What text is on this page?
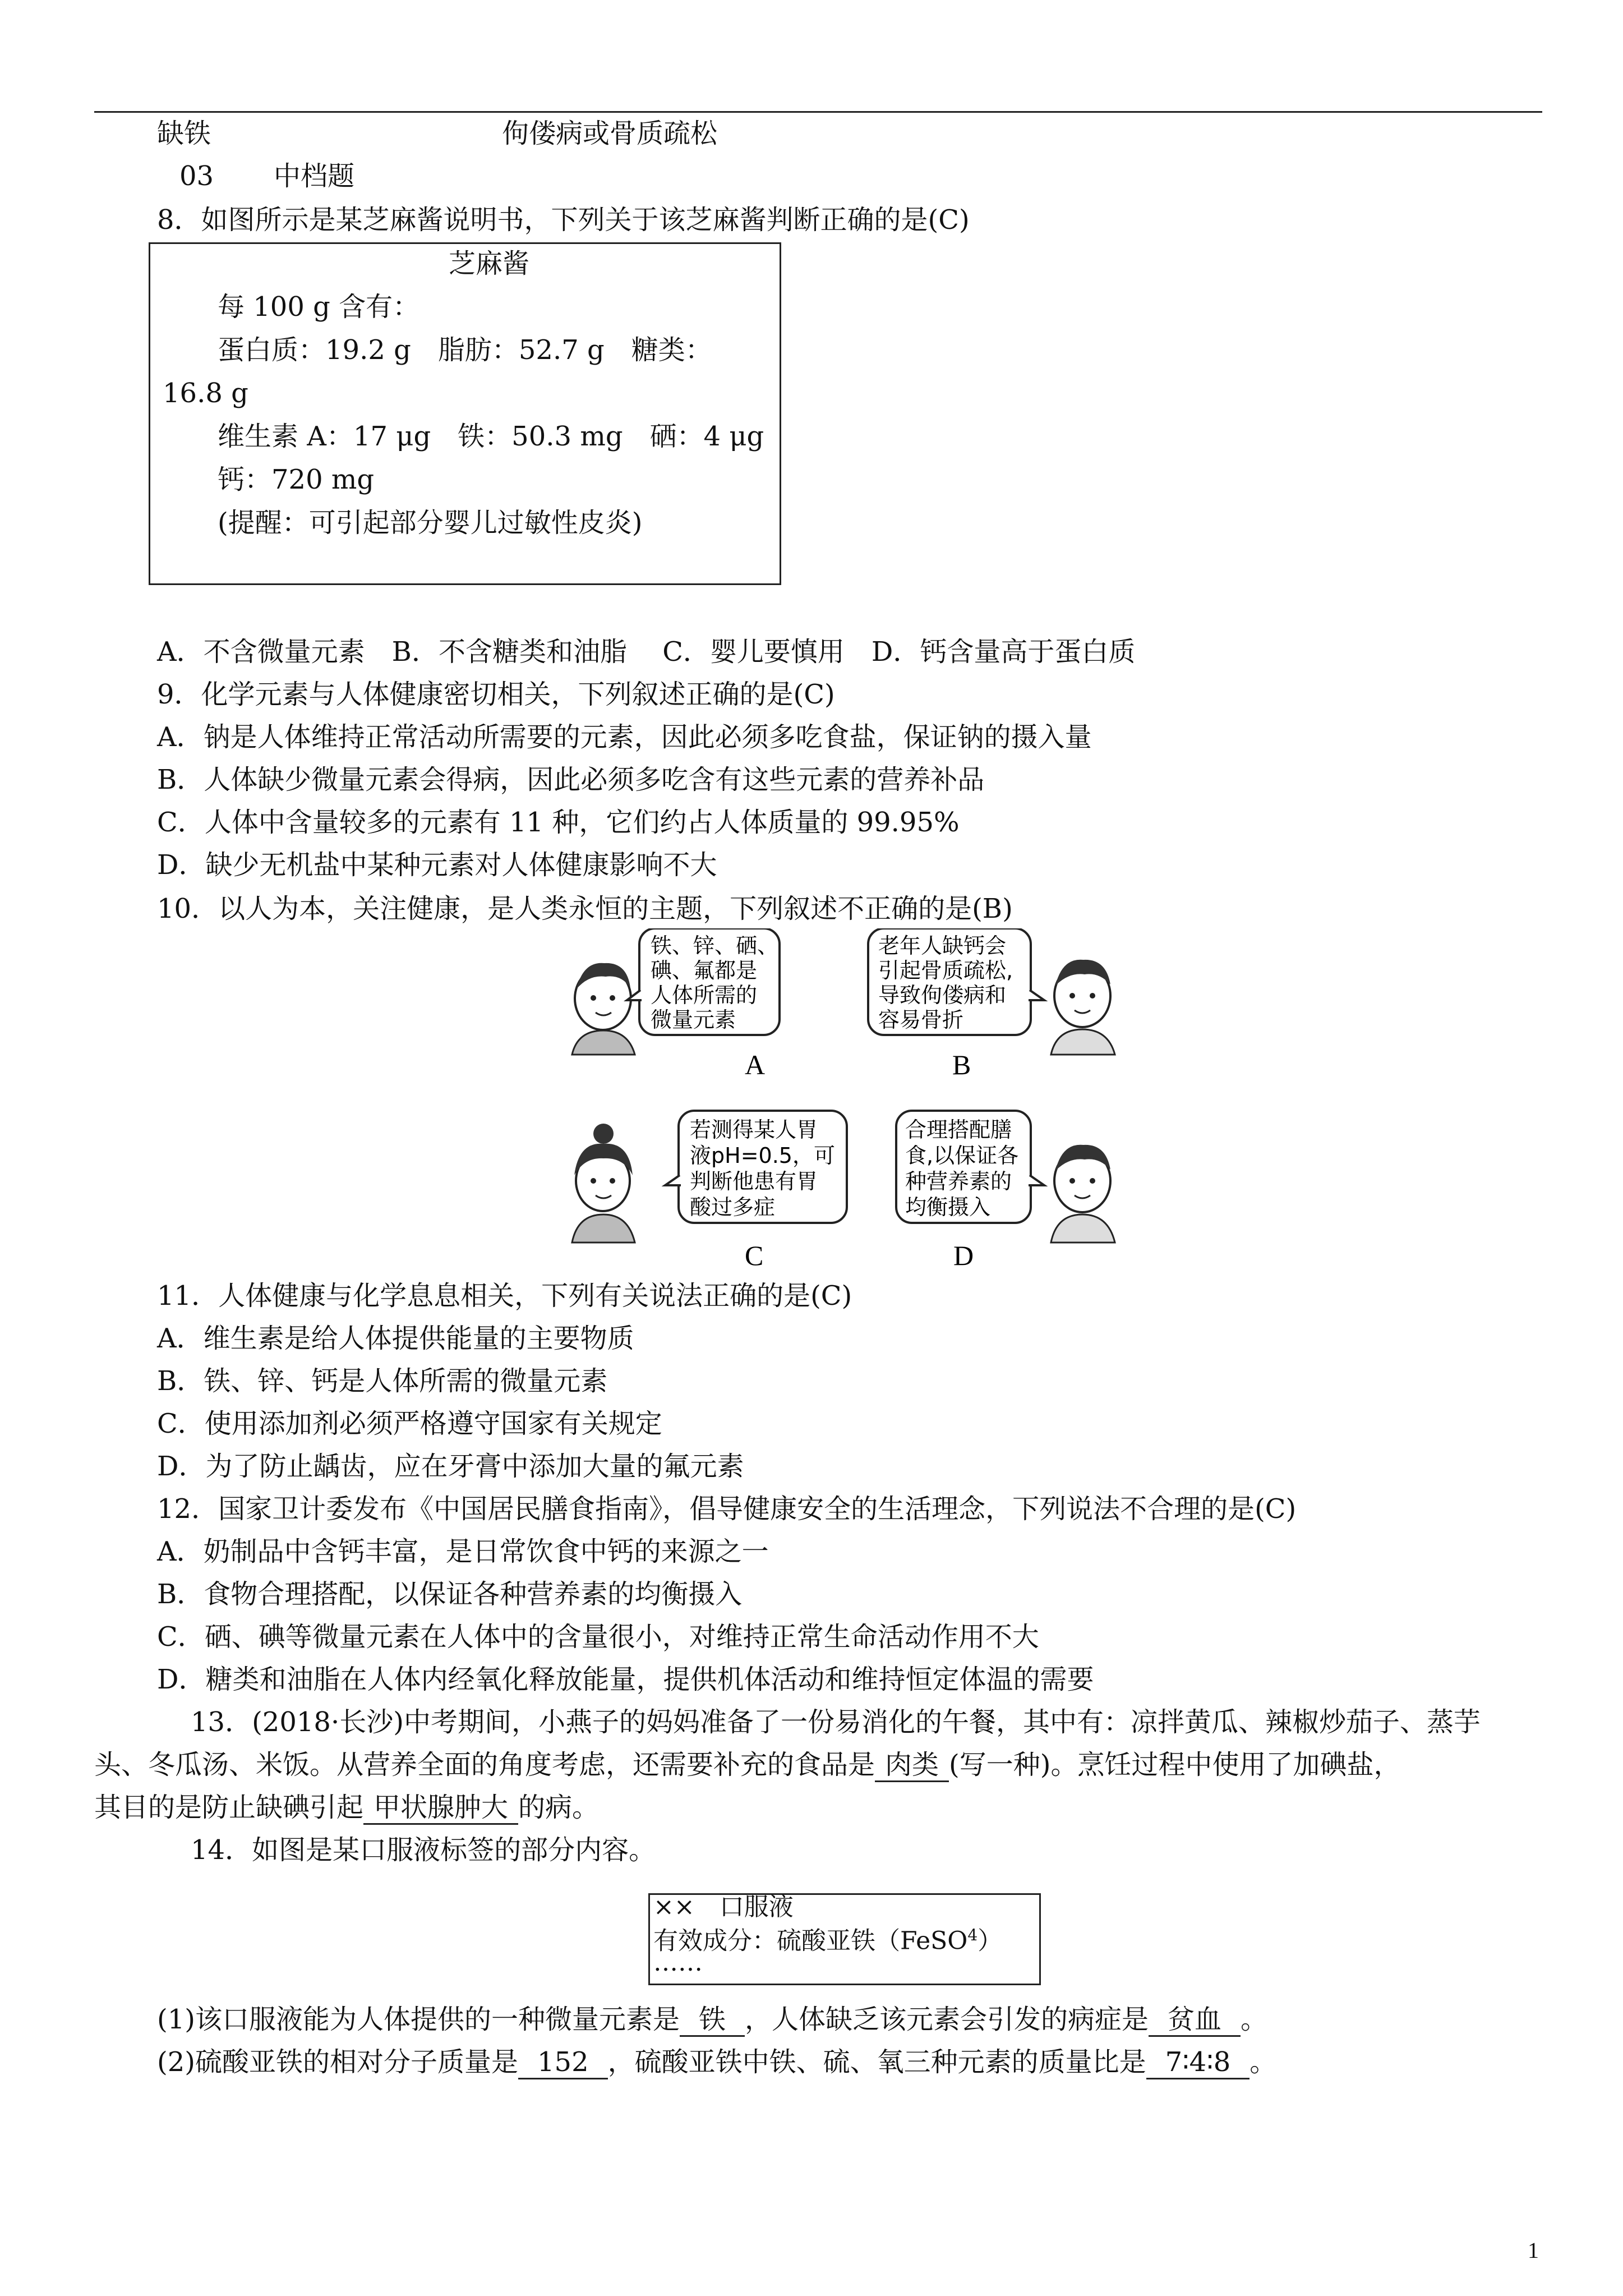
缺铁	佝偻病或骨质疏松
03 中档题
8．如图所示是某芝麻酱说明书，下列关于该芝麻酱判断正确的是(C)
芝麻酱
每 100 g 含有：
蛋白质：19.2 g　脂肪：52.7 g　糖类：
16.8 g
维生素 A：17 μg　铁：50.3 mg　硒：4 μg
钙：720 mg
(提醒：可引起部分婴儿过敏性皮炎)
A．不含微量元素　B．不含糖类和油脂　 C．婴儿要慎用　D．钙含量高于蛋白质
9．化学元素与人体健康密切相关，下列叙述正确的是(C)
A．钠是人体维持正常活动所需要的元素，因此必须多吃食盐，保证钠的摄入量
B．人体缺少微量元素会得病，因此必须多吃含有这些元素的营养补品
C．人体中含量较多的元素有 11 种，它们约占人体质量的 99.95%
D．缺少无机盐中某种元素对人体健康影响不大
10．以人为本，关注健康，是人类永恒的主题，下列叙述不正确的是(B)
铁、锌、硒、
碘、氟都是
人体所需的
微量元素
A
老年人缺钙会
引起骨质疏松,
导致佝偻病和
容易骨折
B
若测得某人胃
液pH=0.5，可
判断他患有胃
酸过多症
C
合理搭配膳
食,以保证各
种营养素的
均衡摄入
D
11．人体健康与化学息息相关，下列有关说法正确的是(C)
A．维生素是给人体提供能量的主要物质
B．铁、锌、钙是人体所需的微量元素
C．使用添加剂必须严格遵守国家有关规定
D．为了防止龋齿，应在牙膏中添加大量的氟元素
12．国家卫计委发布《中国居民膳食指南》，倡导健康安全的生活理念，下列说法不合理的是(C)
A．奶制品中含钙丰富，是日常饮食中钙的来源之一
B．食物合理搭配，以保证各种营养素的均衡摄入
C．硒、碘等微量元素在人体中的含量很小，对维持正常生命活动作用不大
D．糖类和油脂在人体内经氧化释放能量，提供机体活动和维持恒定体温的需要
13．(2018·长沙)中考期间，小燕子的妈妈准备了一份易消化的午餐，其中有：凉拌黄瓜、辣椒炒茄子、蒸芋
头、冬瓜汤、米饭。从营养全面的角度考虑，还需要补充的食品是 肉类 (写一种)。烹饪过程中使用了加碘盐，
其目的是防止缺碘引起 甲状腺肿大 的病。
14．如图是某口服液标签的部分内容。
××　口服液
有效成分：硫酸亚铁（FeSO$^4$）
……
(1)该口服液能为人体提供的一种微量元素是 铁 ，人体缺乏该元素会引发的病症是 贫血 。
(2)硫酸亚铁的相对分子质量是 152 ，硫酸亚铁中铁、硫、氧三种元素的质量比是 7∶4∶8 。
1
